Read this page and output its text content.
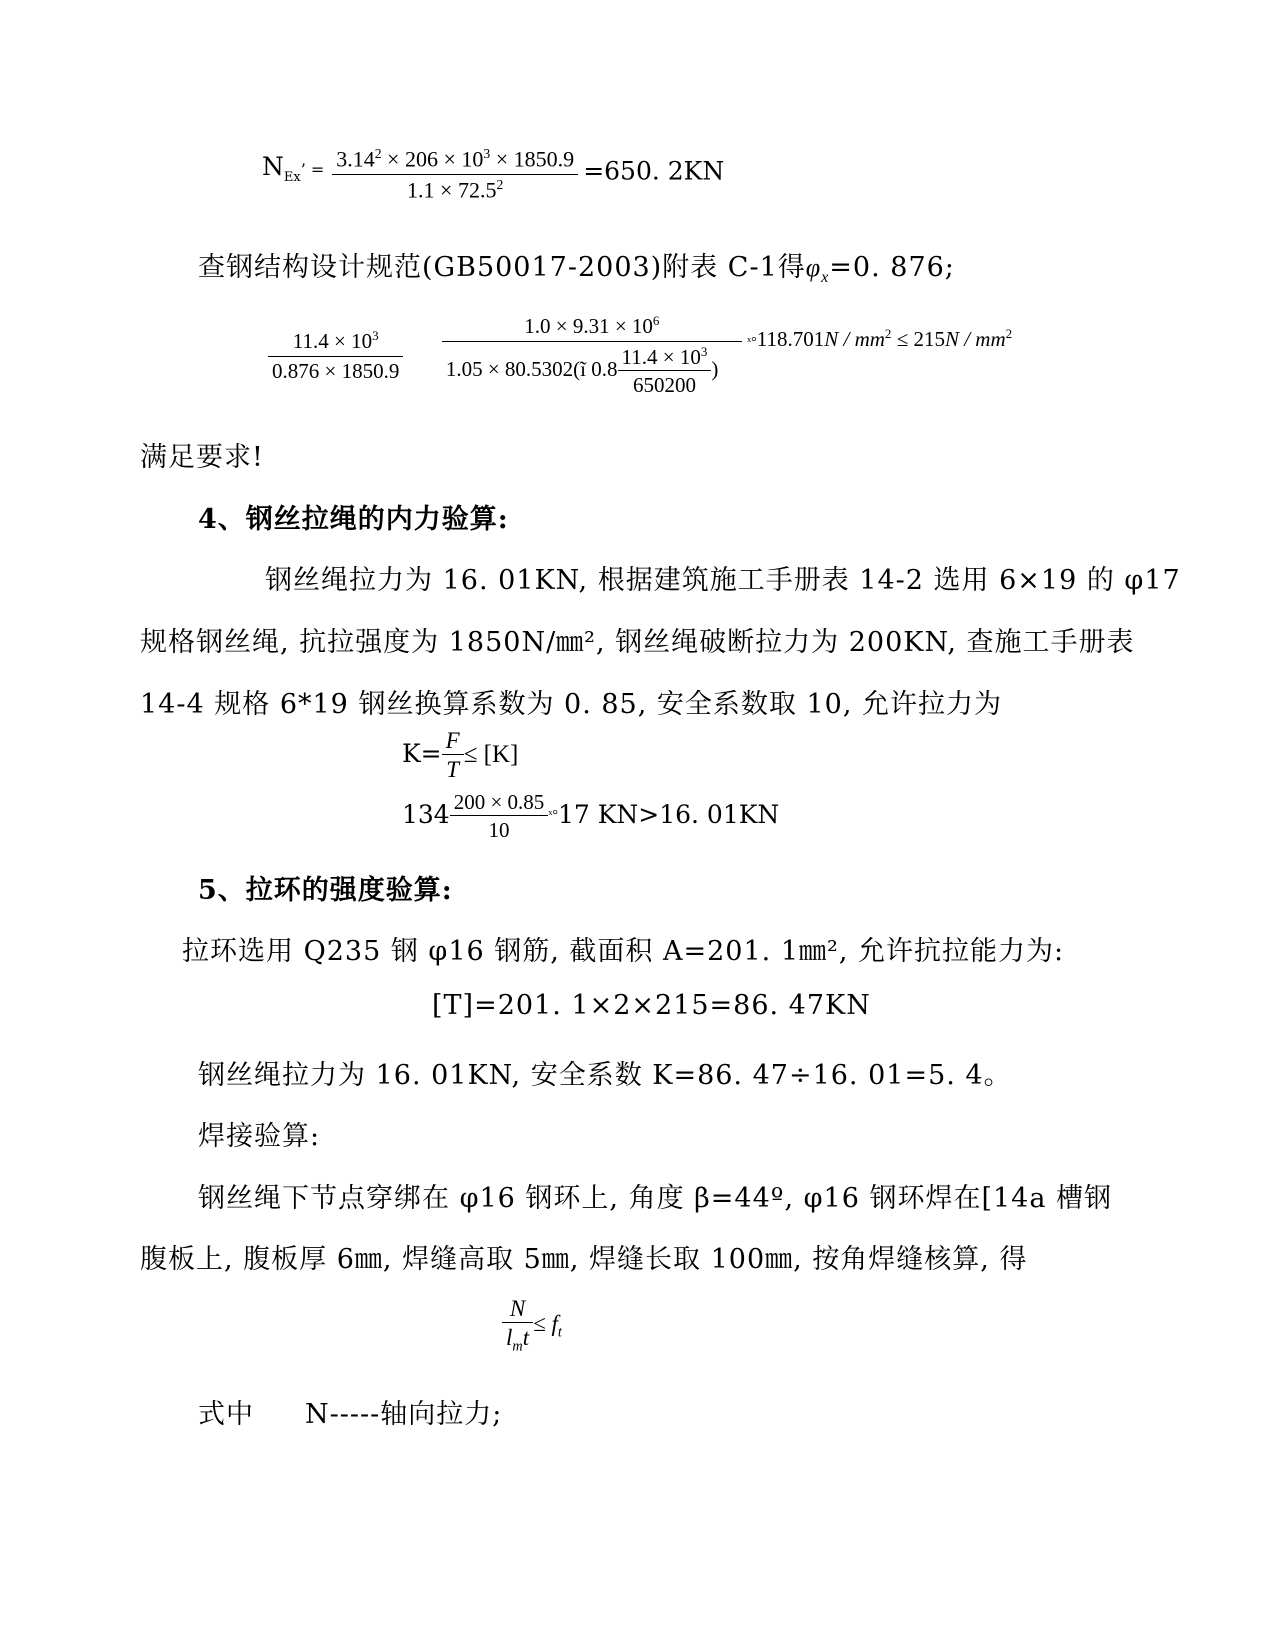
$N_{Ex}$’ = $\frac{3.14^2 \times 206 \times 10^3 \times 1850.9}{1.1 \times 72.5^2} =650$. 2KN
查钢结构设计规范(GB50017-2003)附表 C-1得$\varphi_x=0$. 876;
$\frac{11.4 \times 10^3}{0.876 \times 1850.9}$
$\frac{1.0 \times 9.31 \times 10^6}{1.05 \times 80.5302(ĩ 0.8 \frac{11.4 \times 10^3}{650200} )}$ ˣ°118.701N / $mm^2 \le 215N / mm^2$
满足要求!
4、钢丝拉绳的内力验算:
钢丝绳拉力为 16. 01KN, 根据建筑施工手册表 14-2 选用 6×19 的 φ17
规格钢丝绳, 抗拉强度为 1850N/㎜², 钢丝绳破断拉力为 200KN, 查施工手册表
14-4 规格 6*19 钢丝换算系数为 0. 85, 安全系数取 10, 允许拉力为
$K= \frac{F}{T} \le [K]$
$134 \frac{200 \times 0.85}{10}$ ˣ°17 KN>16. 01KN
5、拉环的强度验算:
拉环选用 Q235 钢 φ16 钢筋, 截面积 A=201. 1㎜², 允许抗拉能力为:
[T]=201. 1×2×215=86. 47KN
钢丝绳拉力为 16. 01KN, 安全系数 K=86. 47÷16. 01=5. 4。
焊接验算:
钢丝绳下节点穿绑在 φ16 钢环上, 角度 β=44º, φ16 钢环焊在[14a 槽钢
腹板上, 腹板厚 6㎜, 焊缝高取 5㎜, 焊缝长取 100㎜, 按角焊缝核算, 得
$\frac{N}{l_mt} \le f_t$
式中 N-----轴向拉力;
